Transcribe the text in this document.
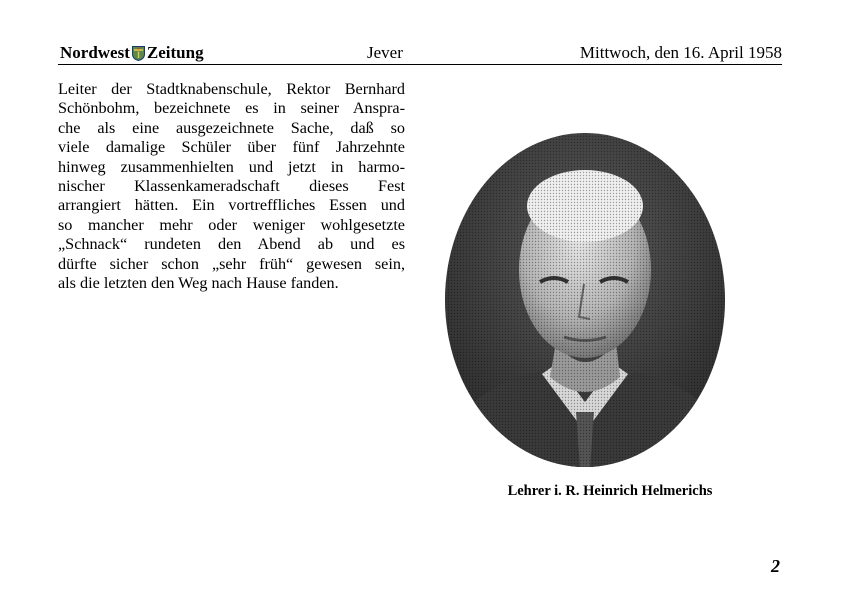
Nordwest Zeitung	Jever	Mittwoch, den 16. April 1958
Leiter der Stadtknabenschule, Rektor Bernhard
Schönbohm, bezeichnete es in seiner Anspra-
che als eine ausgezeichnete Sache, daß so
viele damalige Schüler über fünf Jahrzehnte
hinweg zusammenhielten und jetzt in harmo-
nischer Klassenkameradschaft dieses Fest
arrangiert hätten. Ein vortreffliches Essen und
so mancher mehr oder weniger wohlgesetzte
„Schnack“ rundeten den Abend ab und es
dürfte sicher schon „sehr früh“ gewesen sein,
als die letzten den Weg nach Hause fanden.
Lehrer i. R. Heinrich Helmerichs
2
